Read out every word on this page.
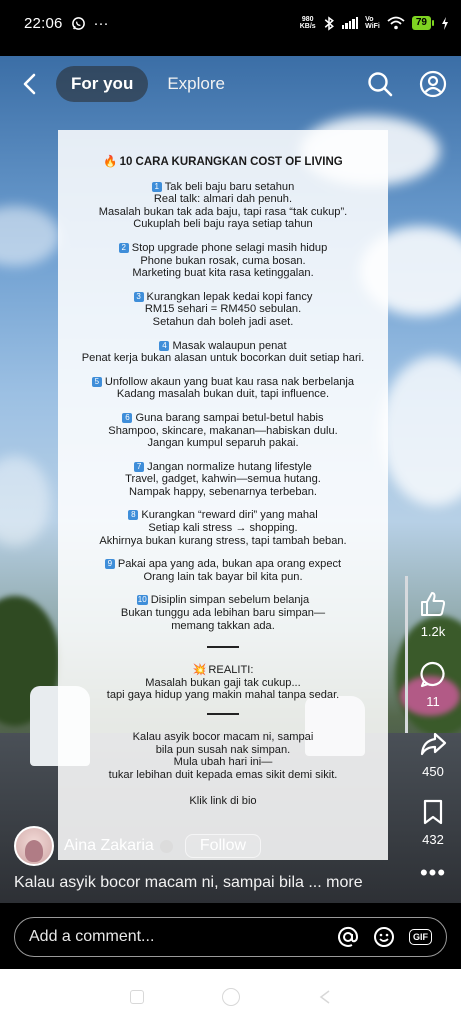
22:06 ···	980
KB/s
Vo
WiFi	79
For you	Explore
🔥 10 CARA KURANGKAN COST OF LIVING
1 Tak beli baju baru setahun
Real talk: almari dah penuh.
Masalah bukan tak ada baju, tapi rasa “tak cukup”.
Cukuplah beli baju raya setiap tahun
2 Stop upgrade phone selagi masih hidup
Phone bukan rosak, cuma bosan.
Marketing buat kita rasa ketinggalan.
3 Kurangkan lepak kedai kopi fancy
RM15 sehari = RM450 sebulan.
Setahun dah boleh jadi aset.
4 Masak walaupun penat
Penat kerja bukan alasan untuk bocorkan duit setiap hari.
5 Unfollow akaun yang buat kau rasa nak berbelanja
Kadang masalah bukan duit, tapi influence.
6 Guna barang sampai betul-betul habis
Shampoo, skincare, makanan—habiskan dulu.
Jangan kumpul separuh pakai.
7 Jangan normalize hutang lifestyle
Travel, gadget, kahwin—semua hutang.
Nampak happy, sebenarnya terbeban.
8 Kurangkan “reward diri” yang mahal
Setiap kali stress → shopping.
Akhirnya bukan kurang stress, tapi tambah beban.
9 Pakai apa yang ada, bukan apa orang expect
Orang lain tak bayar bil kita pun.
10 Disiplin simpan sebelum belanja
Bukan tunggu ada lebihan baru simpan—
memang takkan ada.
💥 REALITI:
Masalah bukan gaji tak cukup...
tapi gaya hidup yang makin mahal tanpa sedar.
Kalau asyik bocor macam ni, sampai
bila pun susah nak simpan.
Mula ubah hari ini—
tukar lebihan duit kepada emas sikit demi sikit.
Klik link di bio
1.2k
11
450
432
•••
Aina Zakaria	Follow
Kalau asyik bocor macam ni, sampai bila ... more
Add a comment...	GIF
